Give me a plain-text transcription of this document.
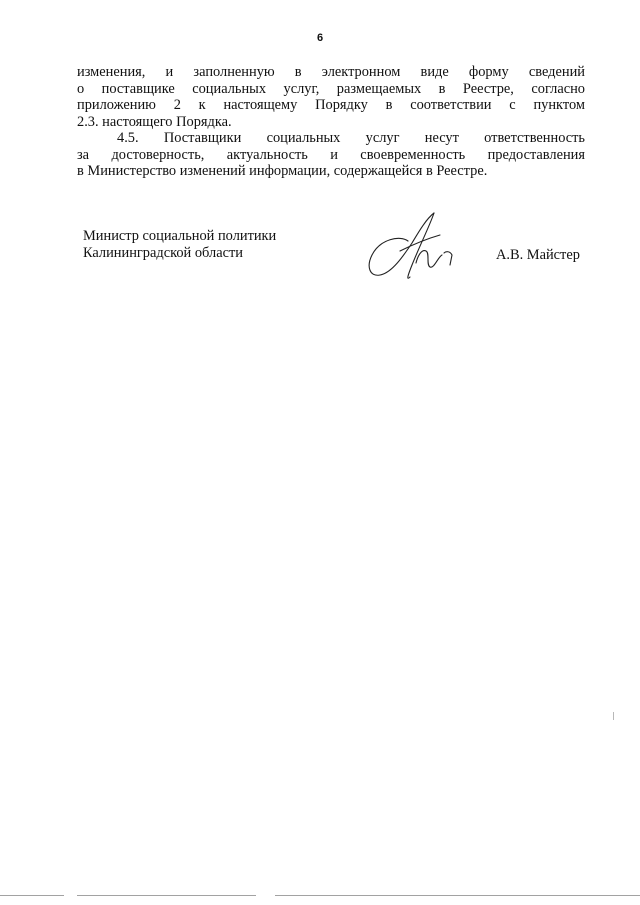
6
изменения, и заполненную в электронном виде форму сведений
о поставщике социальных услуг, размещаемых в Реестре, согласно
приложению 2 к настоящему Порядку в соответствии с пунктом
2.3. настоящего Порядка.
4.5. Поставщики социальных услуг несут ответственность
за достоверность, актуальность и своевременность предоставления
в Министерство изменений информации, содержащейся в Реестре.
Министр социальной политики
Калининградской области	А.В. Майстер
